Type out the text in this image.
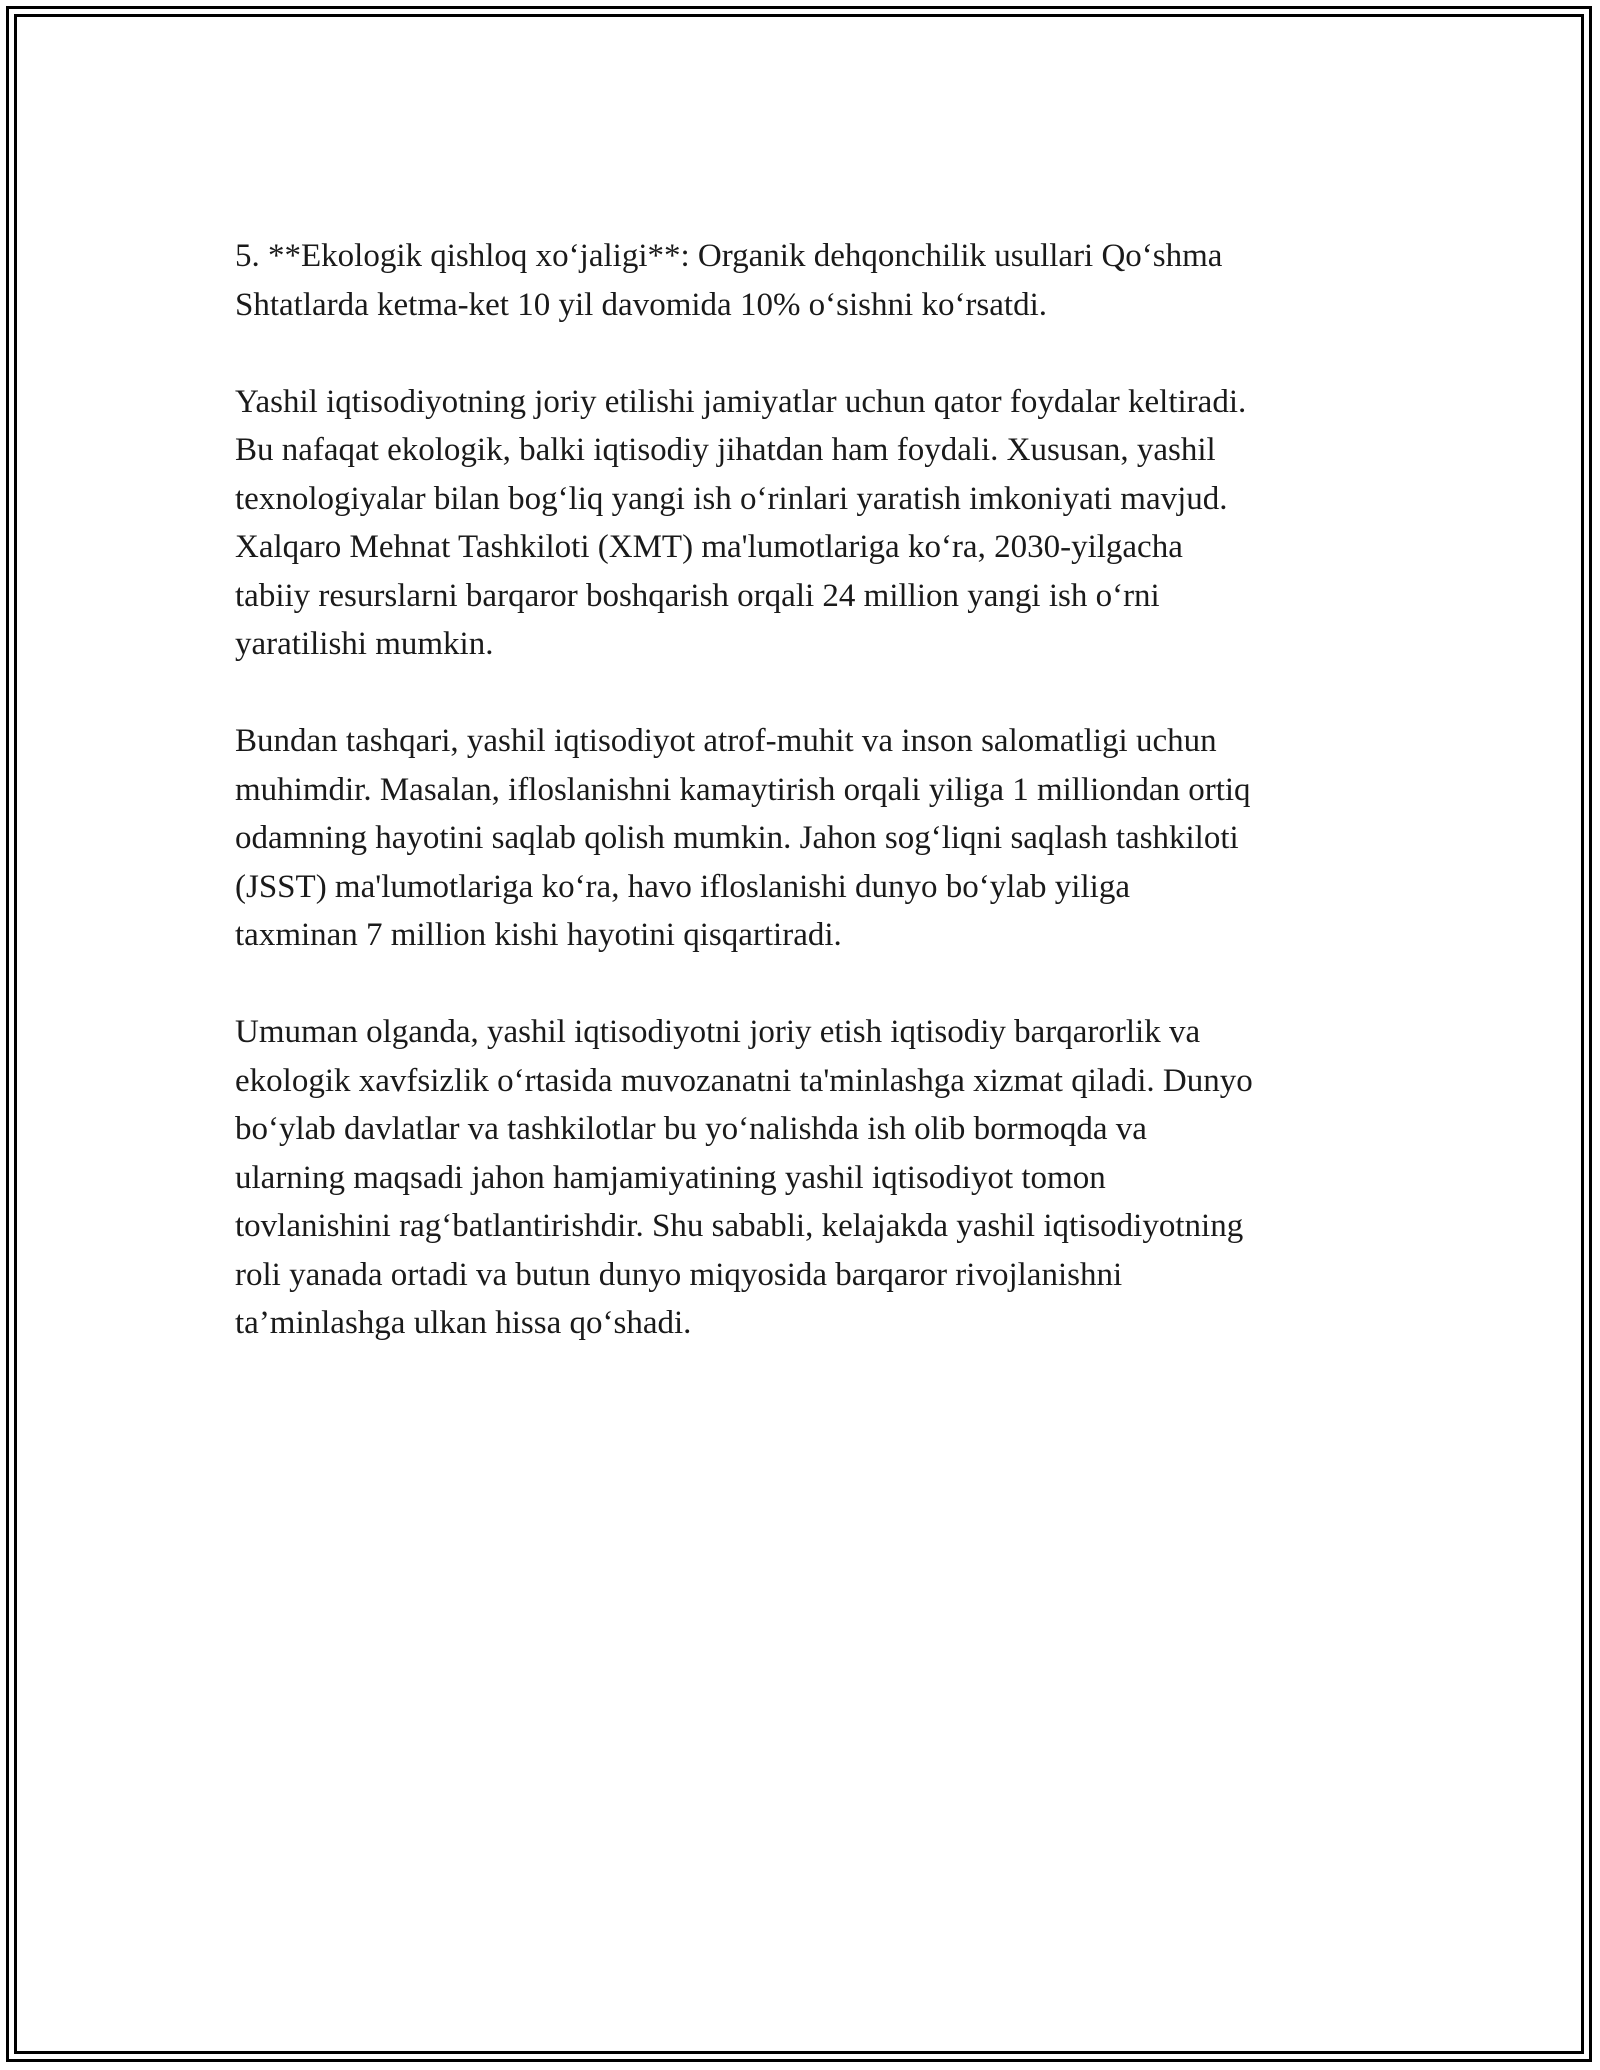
5. **Ekologik qishloq xo‘jaligi**: Organik dehqonchilik usullari Qo‘shma
Shtatlarda ketma-ket 10 yil davomida 10% o‘sishni ko‘rsatdi.

Yashil iqtisodiyotning joriy etilishi jamiyatlar uchun qator foydalar keltiradi.
Bu nafaqat ekologik, balki iqtisodiy jihatdan ham foydali. Xususan, yashil
texnologiyalar bilan bog‘liq yangi ish o‘rinlari yaratish imkoniyati mavjud.
Xalqaro Mehnat Tashkiloti (XMT) ma'lumotlariga ko‘ra, 2030-yilgacha
tabiiy resurslarni barqaror boshqarish orqali 24 million yangi ish o‘rni
yaratilishi mumkin.

Bundan tashqari, yashil iqtisodiyot atrof-muhit va inson salomatligi uchun
muhimdir. Masalan, ifloslanishni kamaytirish orqali yiliga 1 milliondan ortiq
odamning hayotini saqlab qolish mumkin. Jahon sog‘liqni saqlash tashkiloti
(JSST) ma'lumotlariga ko‘ra, havo ifloslanishi dunyo bo‘ylab yiliga
taxminan 7 million kishi hayotini qisqartiradi.

Umuman olganda, yashil iqtisodiyotni joriy etish iqtisodiy barqarorlik va
ekologik xavfsizlik o‘rtasida muvozanatni ta'minlashga xizmat qiladi. Dunyo
bo‘ylab davlatlar va tashkilotlar bu yo‘nalishda ish olib bormoqda va
ularning maqsadi jahon hamjamiyatining yashil iqtisodiyot tomon
tovlanishini rag‘batlantirishdir. Shu sababli, kelajakda yashil iqtisodiyotning
roli yanada ortadi va butun dunyo miqyosida barqaror rivojlanishni
ta’minlashga ulkan hissa qo‘shadi.
